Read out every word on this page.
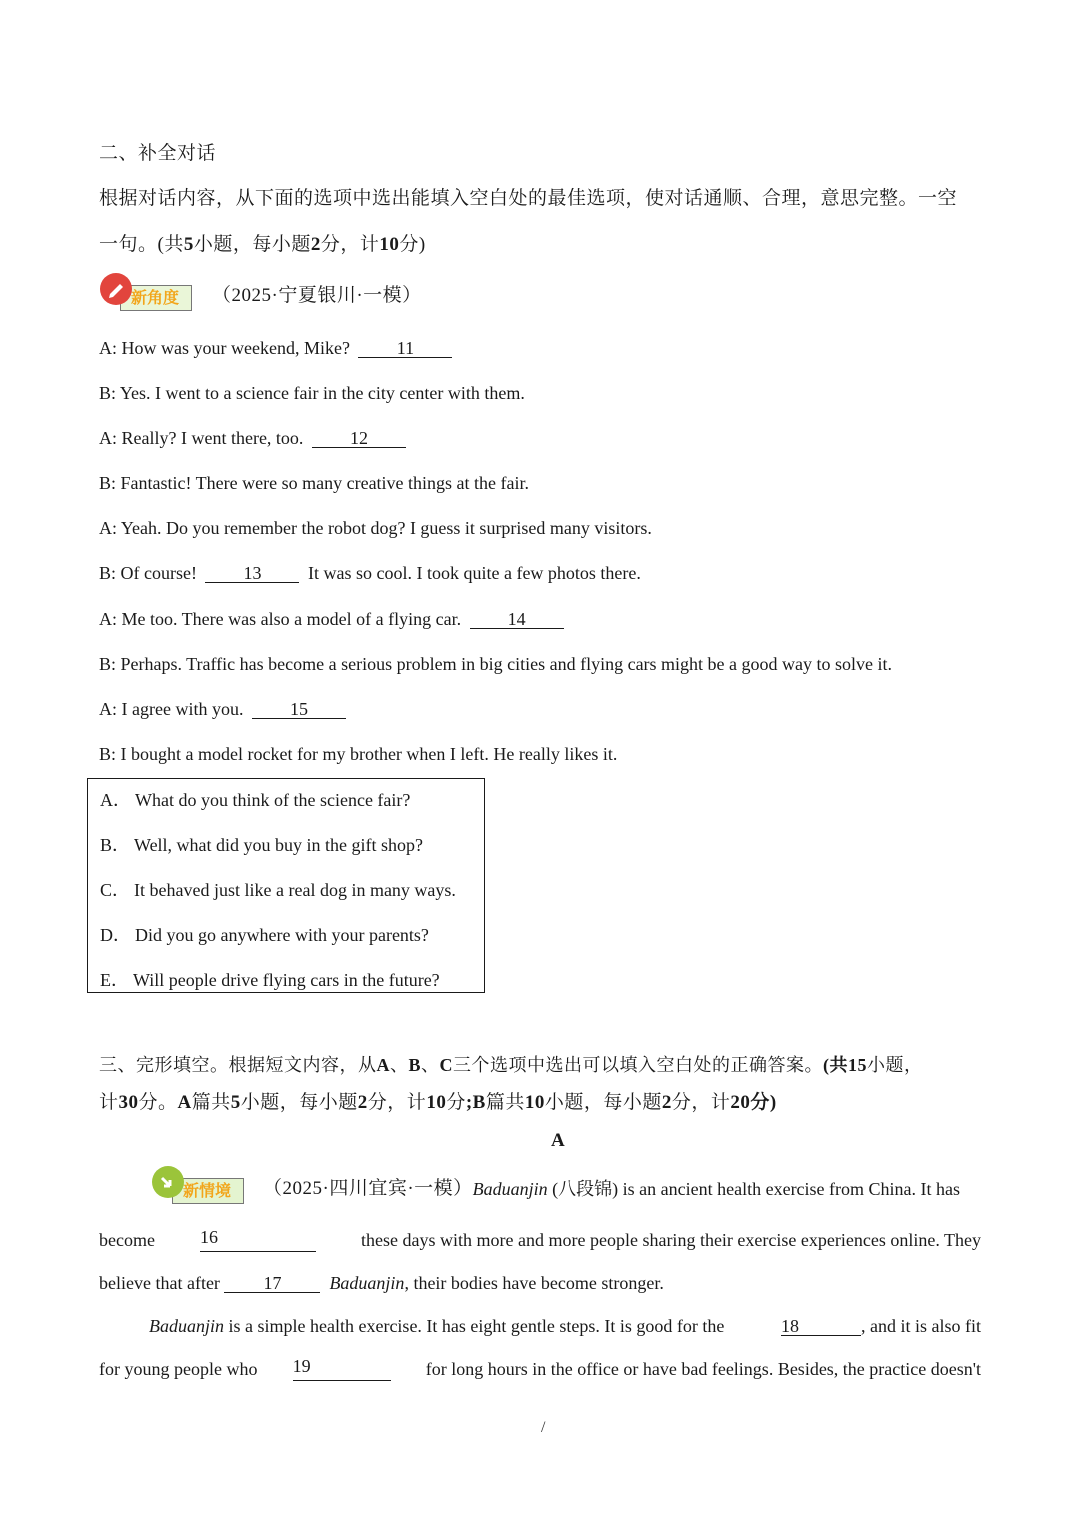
二、补全对话
根据对话内容，从下面的选项中选出能填入空白处的最佳选项，使对话通顺、合理，意思完整。一空
一句。(共5小题，每小题2分，计10分)
新角度	（2025·宁夏银川·一模）
A: How was your weekend, Mike? 11
B: Yes. I went to a science fair in the city center with them.
A: Really? I went there, too. 12
B: Fantastic! There were so many creative things at the fair.
A: Yeah. Do you remember the robot dog? I guess it surprised many visitors.
B: Of course! 13 It was so cool. I took quite a few photos there.
A: Me too. There was also a model of a flying car. 14
B: Perhaps. Traffic has become a serious problem in big cities and flying cars might be a good way to solve it.
A: I agree with you. 15
B: I bought a model rocket for my brother when I left. He really likes it.
A． What do you think of the science fair?
B． Well, what did you buy in the gift shop?
C． It behaved just like a real dog in many ways.
D． Did you go anywhere with your parents?
E． Will people drive flying cars in the future?
三、完形填空。根据短文内容，从A、B、C三个选项中选出可以填入空白处的正确答案。(共15小题，
计30分。A篇共5小题，每小题2分，计10分;B篇共10小题，每小题2分，计20分)
A
新情境	（2025·四川宜宾·一模） Baduanjin (八段锦) is an ancient health exercise from China. It has
become	16	these days with more and more people sharing their exercise experiences online. They
believe that after 17	Baduanjin, their bodies have become stronger.
Baduanjin is a simple health exercise. It has eight gentle steps. It is good for the	18	, and it is also fit
for young people who 19	for long hours in the office or have bad feelings. Besides, the practice doesn't
/
